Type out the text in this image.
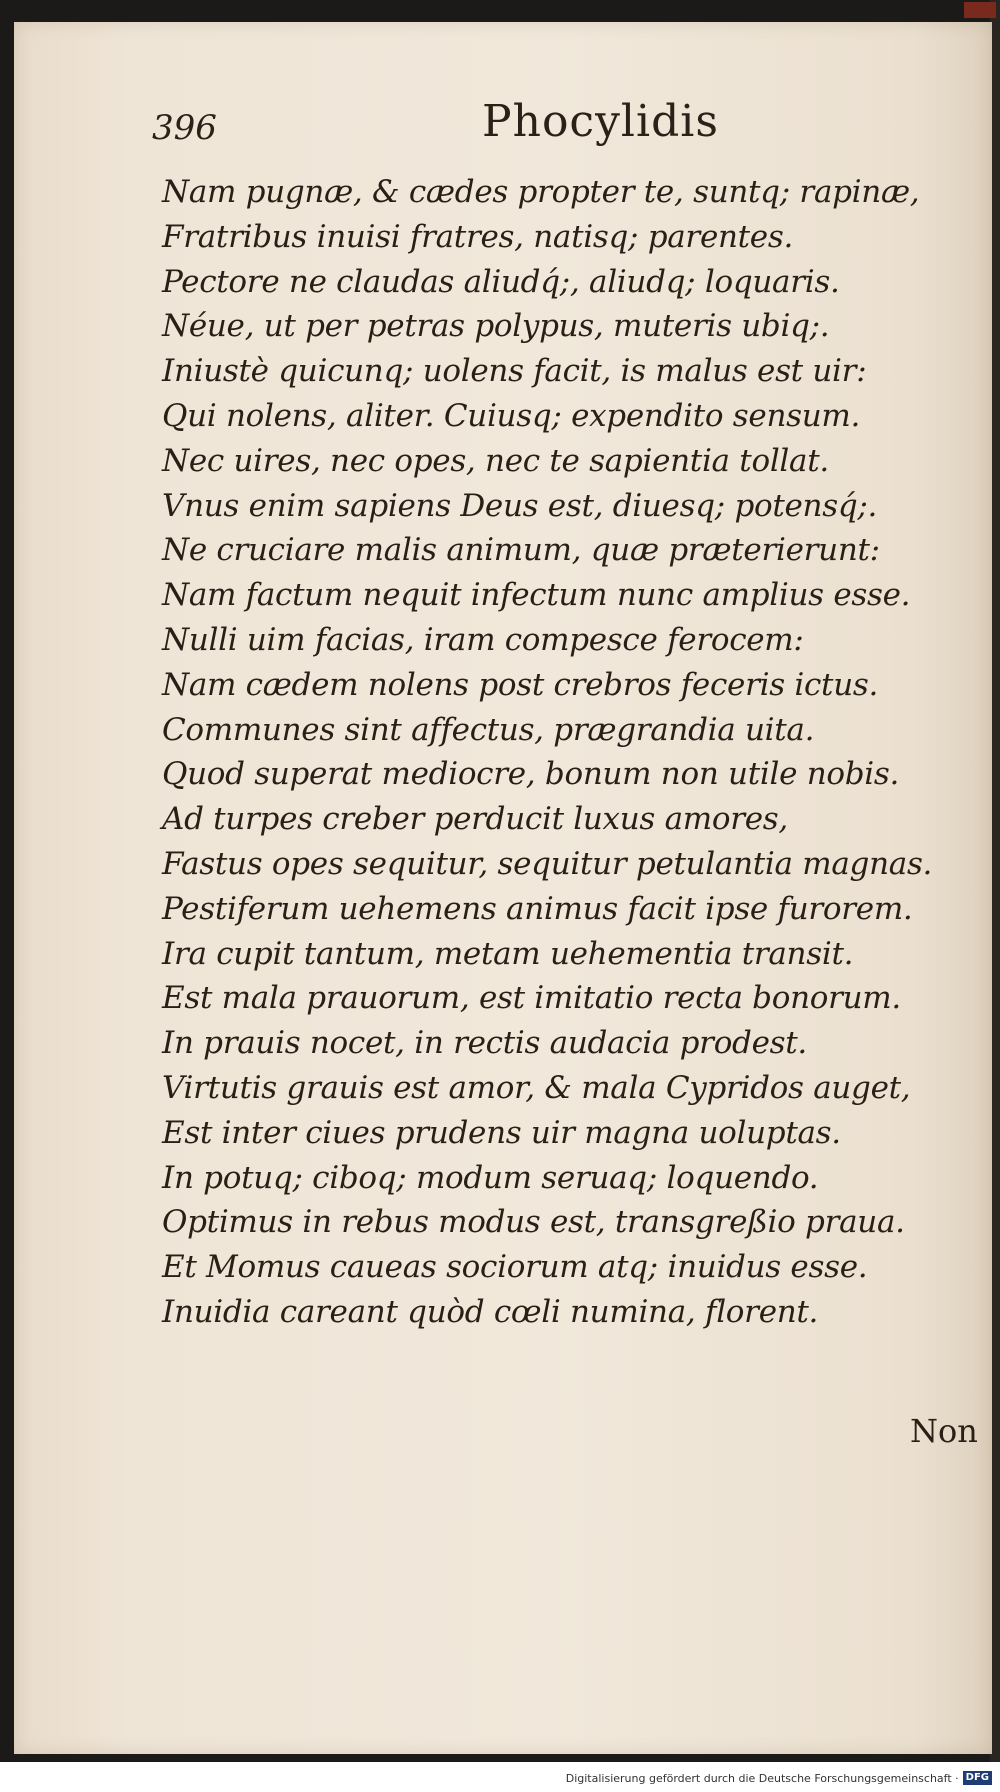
396	Phocylidis
Nam pugnæ, & cædes propter te, suntq; rapinæ,
Fratribus inuisi fratres, natisq; parentes.
Pectore ne claudas aliudq́;, aliudq; loquaris.
Néue, ut per petras polypus, muteris ubiq;.
Iniustè quicunq; uolens facit, is malus est uir:
Qui nolens, aliter. Cuiusq; expendito sensum.
Nec uires, nec opes, nec te sapientia tollat.
Vnus enim sapiens Deus est, diuesq; potensq́;.
Ne cruciare malis animum, quæ præterierunt:
Nam factum nequit infectum nunc amplius esse.
Nulli uim facias, iram compesce ferocem:
Nam cædem nolens post crebros feceris ictus.
Communes sint affectus, prægrandia uita.
Quod superat mediocre, bonum non utile nobis.
Ad turpes creber perducit luxus amores,
Fastus opes sequitur, sequitur petulantia magnas.
Pestiferum uehemens animus facit ipse furorem.
Ira cupit tantum, metam uehementia transit.
Est mala prauorum, est imitatio recta bonorum.
In prauis nocet, in rectis audacia prodest.
Virtutis grauis est amor, & mala Cypridos auget,
Est inter ciues prudens uir magna uoluptas.
In potuq; ciboq; modum seruaq; loquendo.
Optimus in rebus modus est, transgreßio praua.
Et Momus caueas sociorum atq; inuidus esse.
Inuidia careant quòd cœli numina, florent.
Non
Digitalisierung gefördert durch die Deutsche Forschungsgemeinschaft · DFG
